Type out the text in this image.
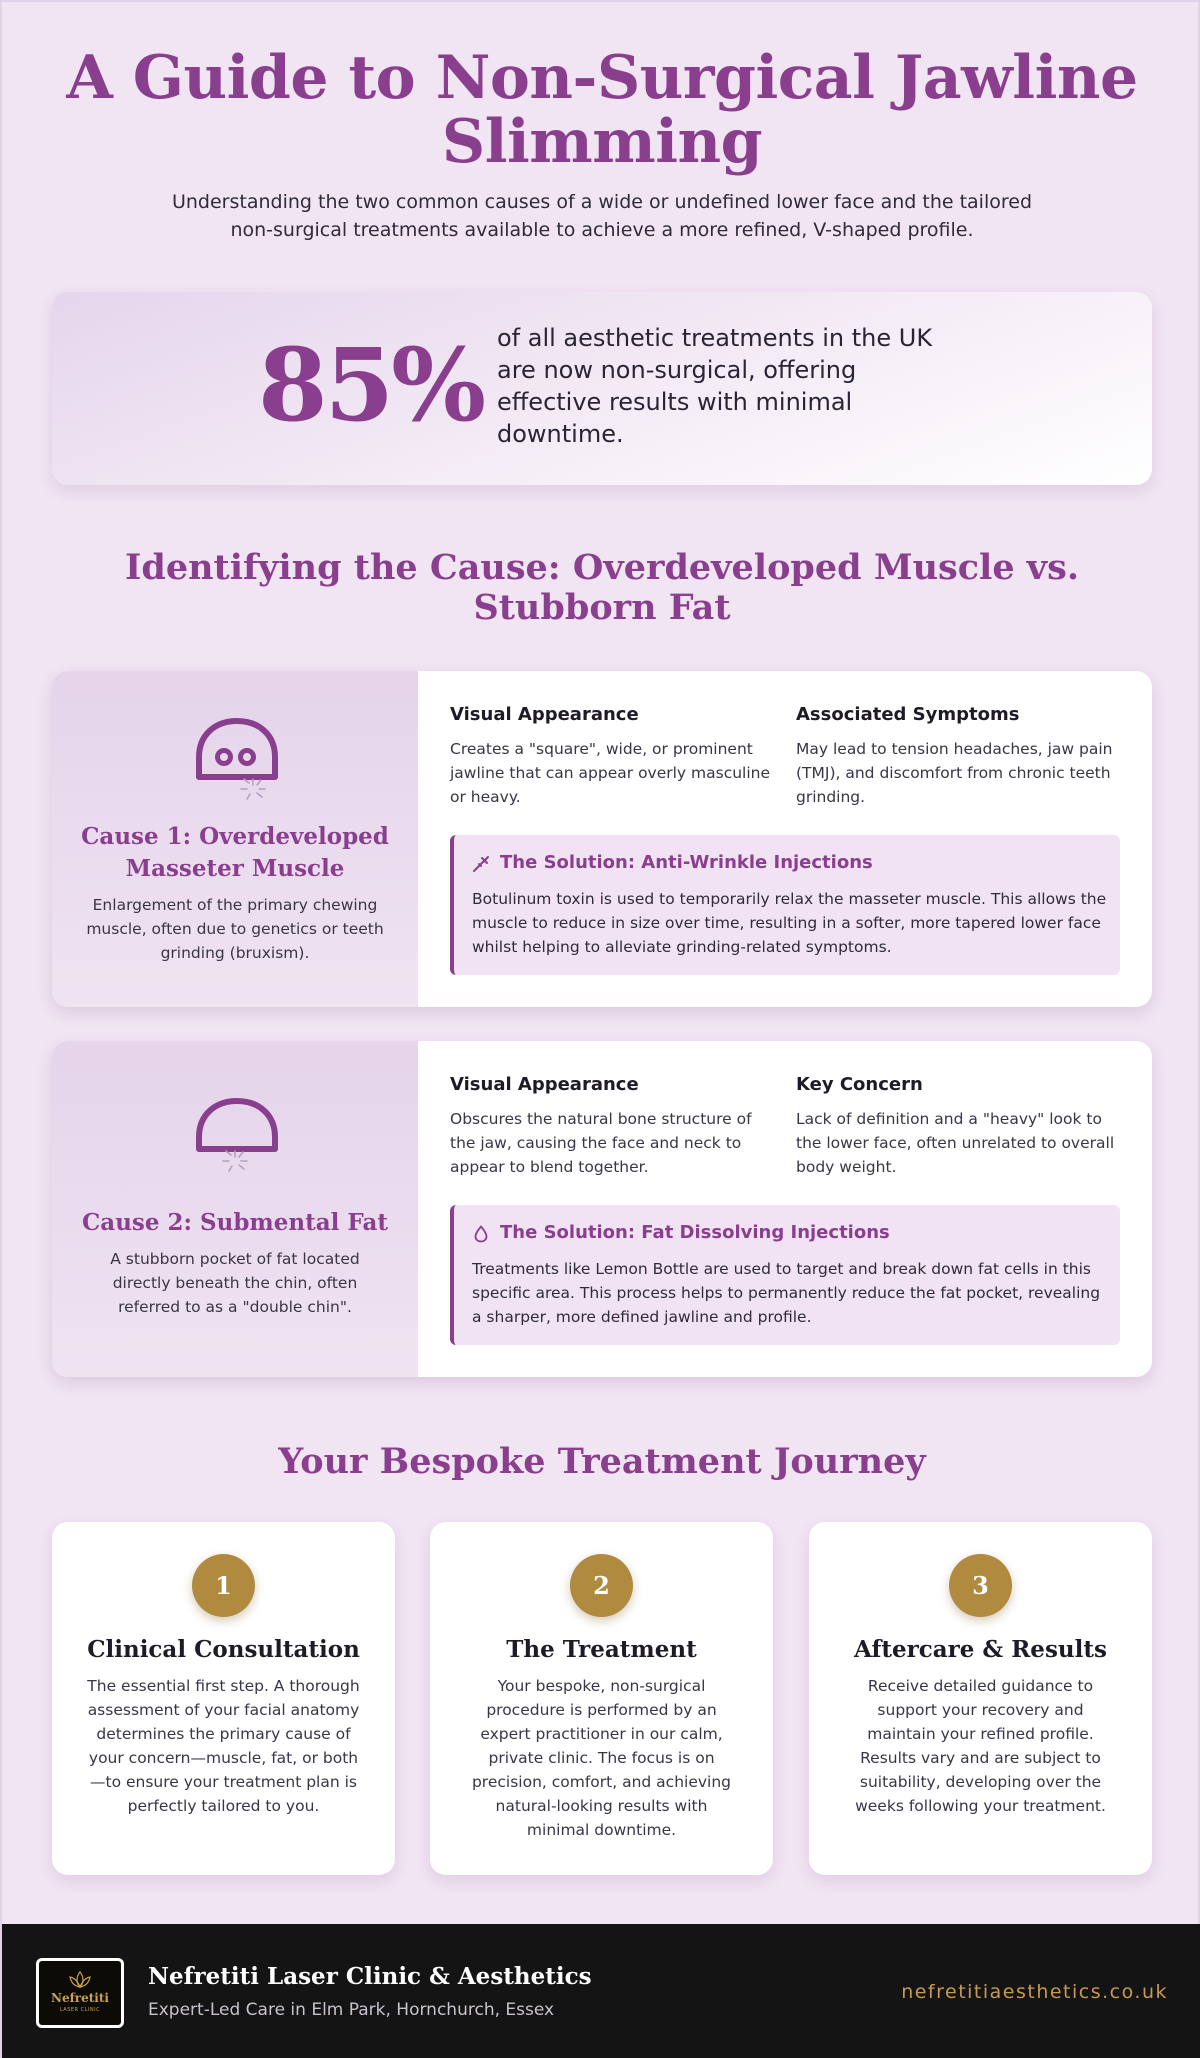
A Guide to Non-Surgical Jawline Slimming

Understanding the two common causes of a wide or undefined lower face and the tailored non-surgical treatments available to achieve a more refined, V-shaped profile.

85% of all aesthetic treatments in the UK are now non-surgical, offering effective results with minimal downtime.
Identifying the Cause: Overdeveloped Muscle vs. Stubborn Fat
Cause 1: Overdeveloped Masseter Muscle
Enlargement of the primary chewing muscle, often due to genetics or teeth grinding (bruxism).
Visual Appearance
Creates a "square", wide, or prominent jawline that can appear overly masculine or heavy.
Associated Symptoms
May lead to tension headaches, jaw pain (TMJ), and discomfort from chronic teeth grinding.
The Solution: Anti-Wrinkle Injections
Botulinum toxin is used to temporarily relax the masseter muscle. This allows the muscle to reduce in size over time, resulting in a softer, more tapered lower face whilst helping to alleviate grinding-related symptoms.
Cause 2: Submental Fat
A stubborn pocket of fat located directly beneath the chin, often referred to as a "double chin".
Visual Appearance
Obscures the natural bone structure of the jaw, causing the face and neck to appear to blend together.
Key Concern
Lack of definition and a "heavy" look to the lower face, often unrelated to overall body weight.
The Solution: Fat Dissolving Injections
Treatments like Lemon Bottle are used to target and break down fat cells in this specific area. This process helps to permanently reduce the fat pocket, revealing a sharper, more defined jawline and profile.
Your Bespoke Treatment Journey
1
Clinical Consultation
The essential first step. A thorough assessment of your facial anatomy determines the primary cause of your concern—muscle, fat, or both—to ensure your treatment plan is perfectly tailored to you.
2
The Treatment
Your bespoke, non-surgical procedure is performed by an expert practitioner in our calm, private clinic. The focus is on precision, comfort, and achieving natural-looking results with minimal downtime.
3
Aftercare & Results
Receive detailed guidance to support your recovery and maintain your refined profile. Results vary and are subject to suitability, developing over the weeks following your treatment.
Nefretiti
LASER CLINIC
Nefretiti Laser Clinic & Aesthetics
Expert-Led Care in Elm Park, Hornchurch, Essex
nefretitiaesthetics.co.uk
